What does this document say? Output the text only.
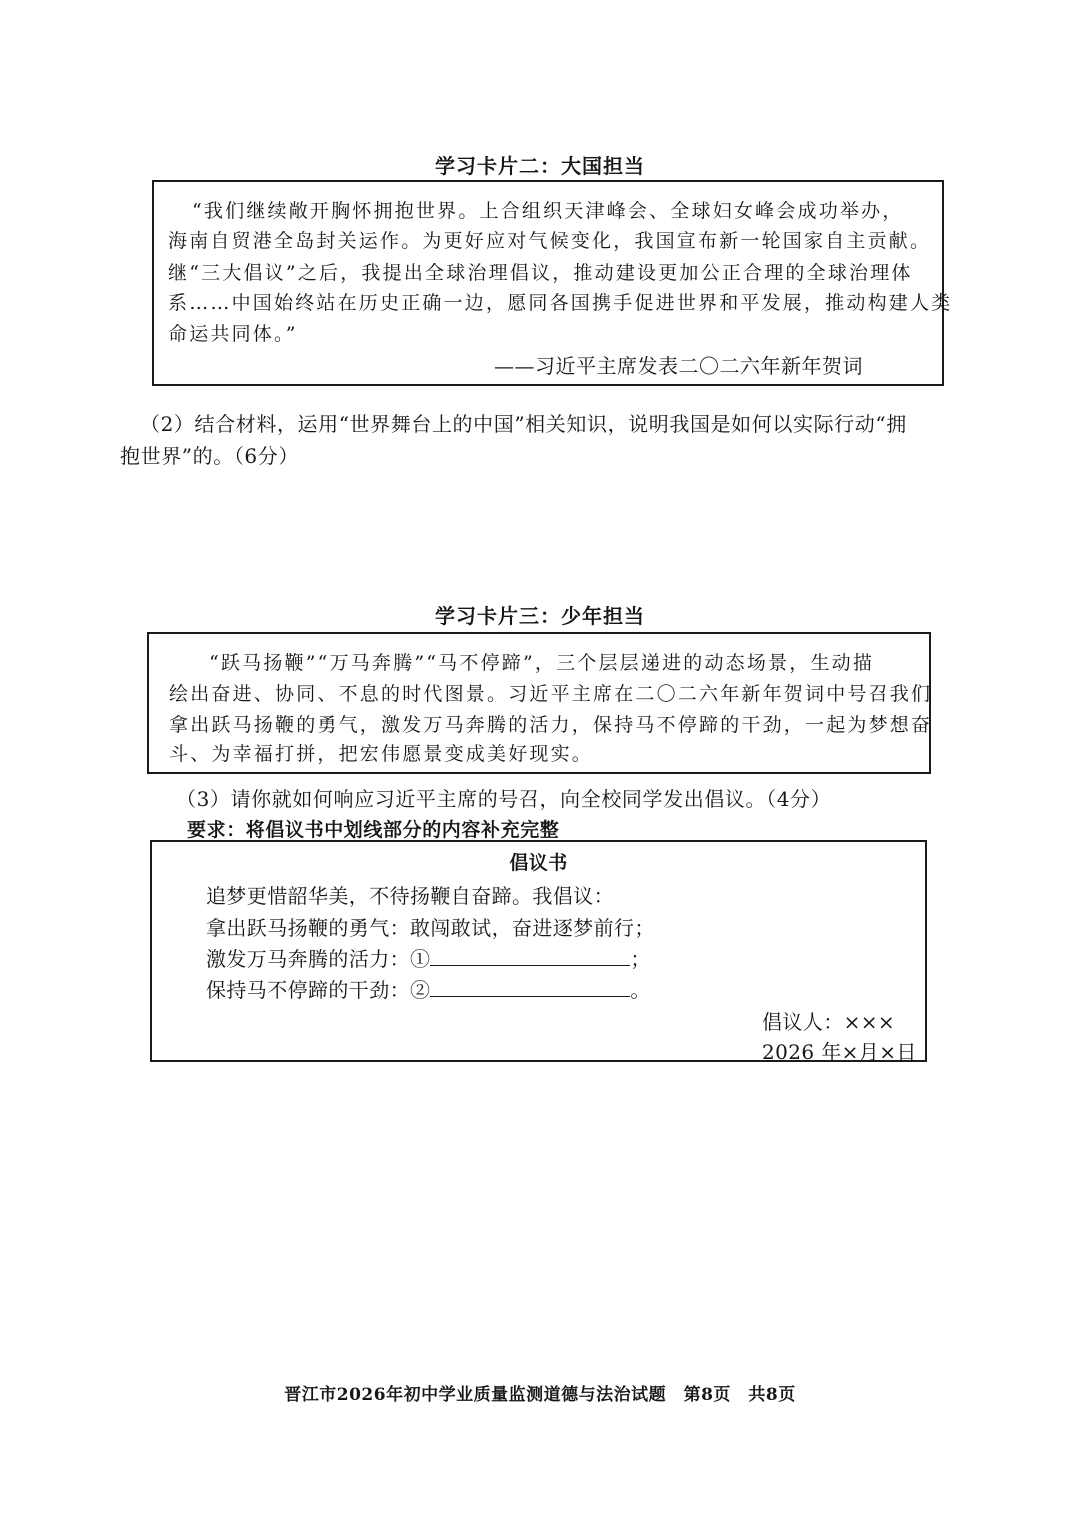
学习卡片二：大国担当
“我们继续敞开胸怀拥抱世界。上合组织天津峰会、全球妇女峰会成功举办，
海南自贸港全岛封关运作。为更好应对气候变化，我国宣布新一轮国家自主贡献。
继“三大倡议”之后，我提出全球治理倡议，推动建设更加公正合理的全球治理体
系……中国始终站在历史正确一边，愿同各国携手促进世界和平发展，推动构建人类
命运共同体。”
——习近平主席发表二〇二六年新年贺词
（2）结合材料，运用“世界舞台上的中国”相关知识，说明我国是如何以实际行动“拥
抱世界”的。（6分）
学习卡片三：少年担当
“跃马扬鞭”“万马奔腾”“马不停蹄”，三个层层递进的动态场景，生动描
绘出奋进、协同、不息的时代图景。习近平主席在二〇二六年新年贺词中号召我们
拿出跃马扬鞭的勇气，激发万马奔腾的活力，保持马不停蹄的干劲，一起为梦想奋
斗、为幸福打拼，把宏伟愿景变成美好现实。
（3）请你就如何响应习近平主席的号召，向全校同学发出倡议。（4分）
要求：将倡议书中划线部分的内容补充完整
倡议书
追梦更惜韶华美，不待扬鞭自奋蹄。我倡议：
拿出跃马扬鞭的勇气：敢闯敢试，奋进逐梦前行；
激发万马奔腾的活力：①	；
保持马不停蹄的干劲：②	。
倡议人：×××
2026 年×月×日
晋江市2026年初中学业质量监测道德与法治试题　第8页　共8页
